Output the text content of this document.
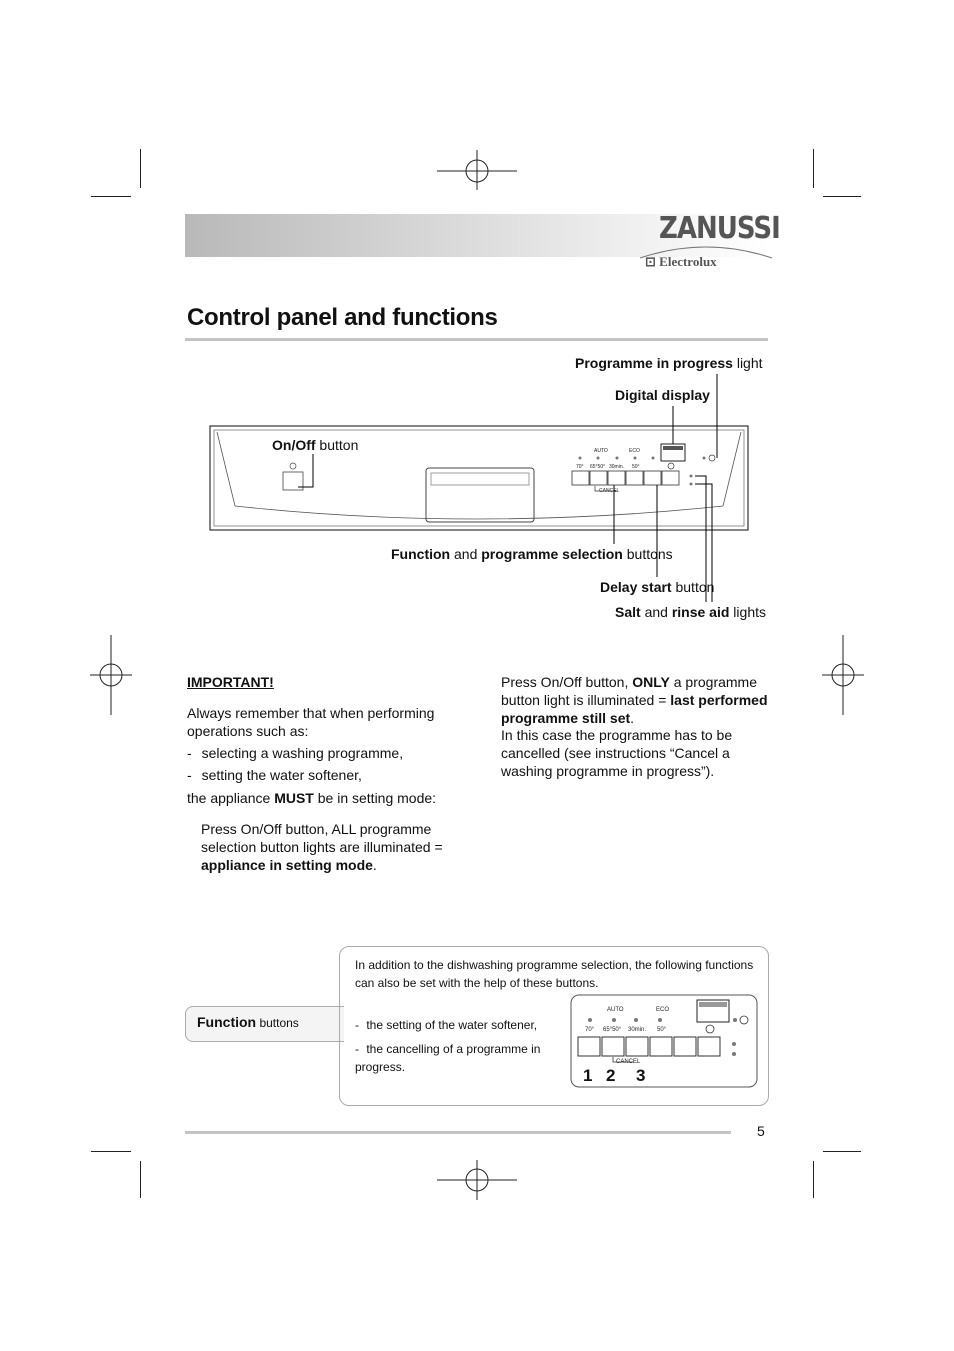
ZANUSSI
⊡ Electrolux
Control panel and functions
Programme in progress light
Digital display
On/Off button
Function and programme selection buttons
Delay start button
Salt and rinse aid lights
AUTO	ECO
70° 65°50° 30min. 50°
CANCEL
IMPORTANT!
Always remember that when performing operations such as:
- selecting a washing programme,
- setting the water softener,
the appliance MUST be in setting mode:
Press On/Off button, ALL programme selection button lights are illuminated = appliance in setting mode.
Press On/Off button, ONLY a programme button light is illuminated = last performed programme still set.
In this case the programme has to be cancelled (see instructions “Cancel a washing programme in progress”).
Function buttons
In addition to the dishwashing programme selection, the following functions can also be set with the help of these buttons.
- the setting of the water softener,
- the cancelling of a programme in progress.
AUTO	ECO
70° 65°50° 30min. 50°
CANCEL
1 2 3
5
